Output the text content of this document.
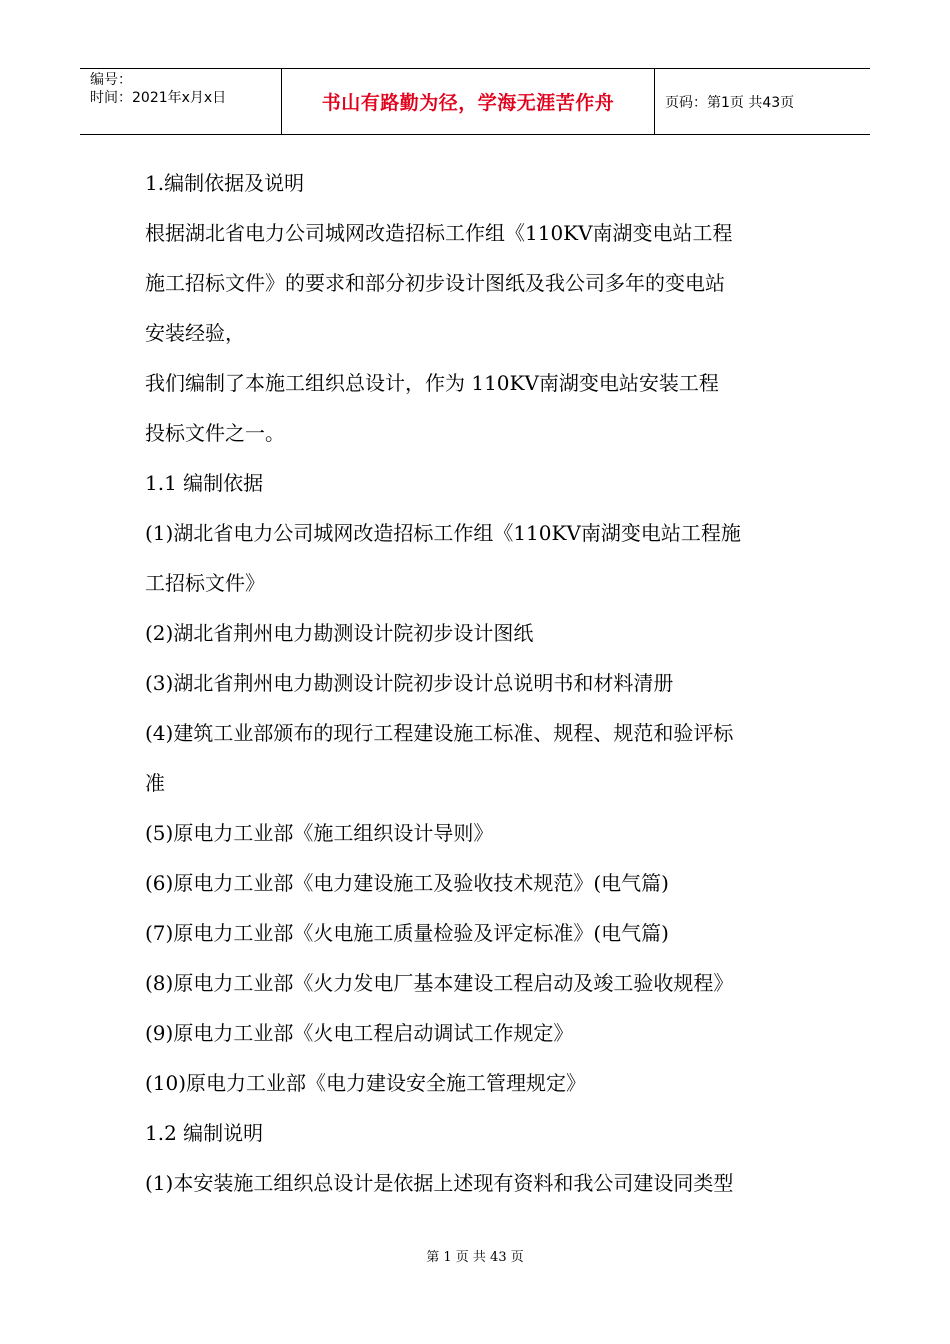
编号：
时间：2021年x月x日	书山有路勤为径，学海无涯苦作舟	页码：第1页 共43页
1.编制依据及说明
根据湖北省电力公司城网改造招标工作组《110KV南湖变电站工程
施工招标文件》的要求和部分初步设计图纸及我公司多年的变电站
安装经验，
我们编制了本施工组织总设计，作为 110KV南湖变电站安装工程
投标文件之一。
1.1 编制依据
(1)湖北省电力公司城网改造招标工作组《110KV南湖变电站工程施
工招标文件》
(2)湖北省荆州电力勘测设计院初步设计图纸
(3)湖北省荆州电力勘测设计院初步设计总说明书和材料清册
(4)建筑工业部颁布的现行工程建设施工标准、规程、规范和验评标
准
(5)原电力工业部《施工组织设计导则》
(6)原电力工业部《电力建设施工及验收技术规范》(电气篇)
(7)原电力工业部《火电施工质量检验及评定标准》(电气篇)
(8)原电力工业部《火力发电厂基本建设工程启动及竣工验收规程》
(9)原电力工业部《火电工程启动调试工作规定》
(10)原电力工业部《电力建设安全施工管理规定》
1.2 编制说明
(1)本安装施工组织总设计是依据上述现有资料和我公司建设同类型
第 1 页 共 43 页
